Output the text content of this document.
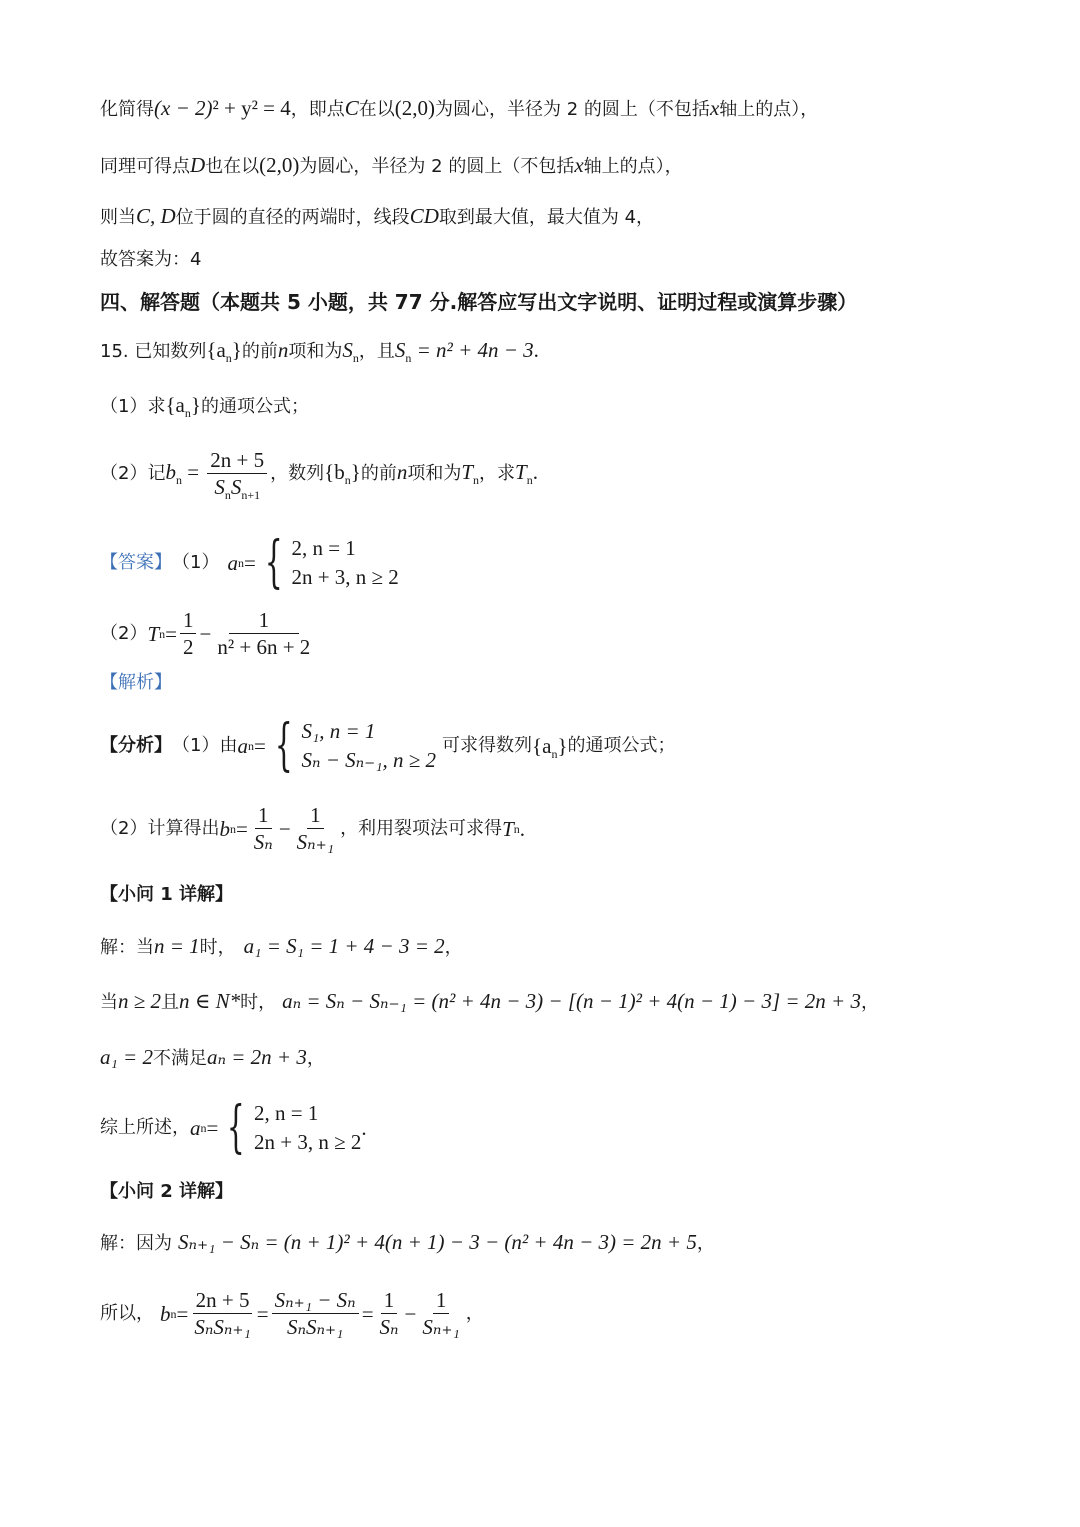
化简得(x − 2)² + y² = 4，即点C在以(2,0)为圆心，半径为 2 的圆上（不包括x轴上的点），
同理可得点D也在以(2,0)为圆心，半径为 2 的圆上（不包括x轴上的点），
则当C, D位于圆的直径的两端时，线段CD取到最大值，最大值为 4，
故答案为：4
四、解答题（本题共 5 小题，共 77 分.解答应写出文字说明、证明过程或演算步骤）
15. 已知数列$\{a_n\}$的前n项和为$S_n$，且$S_n = n^2 + 4n - 3$.
（1）求$\{a_n\}$的通项公式；
（2）记$b_n = \frac{2n + 5}{S_nS_{n+1}}$ ，数列$\{b_n\}$的前n项和为$T_n$，求$T_n$.
【答案】 （1） a n = { 2, n = 1
2n + 3, n ≥ 2
（2） T $n = \frac{1}{2} - \frac{1}{\text{n² + 6n + 2}}$
【解析】
【分析】 （1）由 a n = { S₁, n = 1
Sₙ − Sₙ₋₁, n ≥ 2
可求得数列 $\{a_n\}$ 的通项公式；
（2）计算得出 b $n = \frac{1}{\text{Sₙ}} - \frac{1}{\text{Sₙ₊₁}}$ ，利用裂项法可求得 T n .
【小问 1 详解】
解：当n = 1时， a₁ = S₁ = 1 + 4 − 3 = 2，
当n ≥ 2且n ∈ N*时， aₙ = Sₙ − Sₙ₋₁ = (n² + 4n − 3) − [(n − 1)² + 4(n − 1) − 3] = 2n + 3，
a₁ = 2不满足aₙ = 2n + 3，
综上所述， a n = { 2, n = 1
2n + 3, n ≥ 2
.
【小问 2 详解】
解：因为 Sₙ₊₁ − Sₙ = (n + 1)² + 4(n + 1) − 3 − (n² + 4n − 3) = 2n + 5，
所以， b $n = \frac{2n + 5}{\text{SₙSₙ₊₁}} = \frac{\text{Sₙ₊₁ − Sₙ}}{\text{SₙSₙ₊₁}} = \frac{1}{\text{Sₙ}} - \frac{1}{\text{Sₙ₊₁}}$ ，
